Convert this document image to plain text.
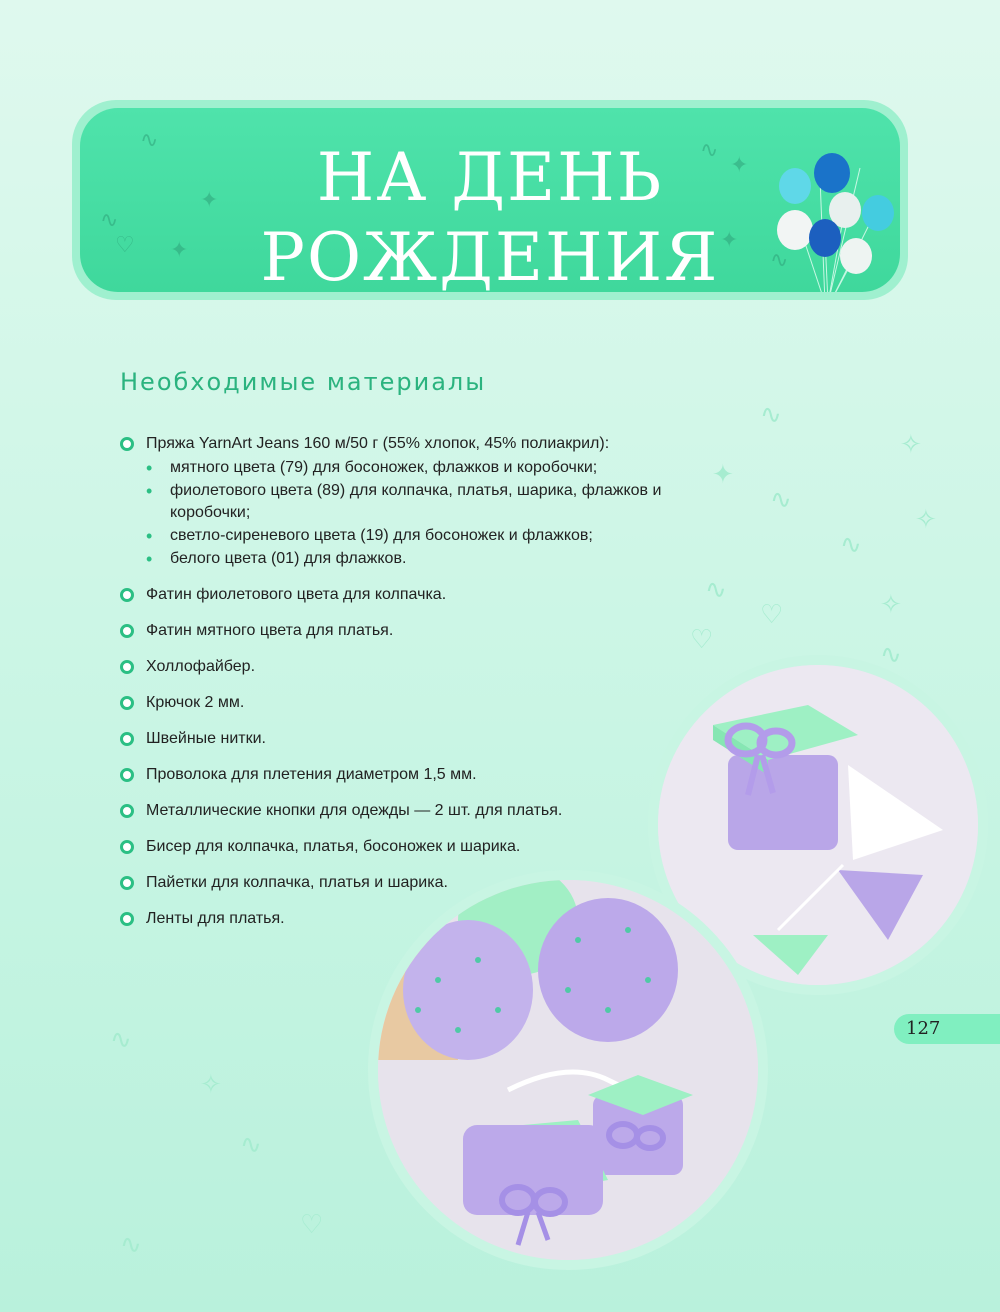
∿
✧
✦
∿
✧
∿
∿
♡	✧
♡	∿
∿
✧
∿
♡
∿
∿
✦
∿
♡ ✦
∿
✦
✦
∿
НА ДЕНЬ
РОЖДЕНИЯ
Необходимые материалы
Пряжа YarnArt Jeans 160 м/50 г (55% хлопок, 45% полиакрил):
• мятного цвета (79) для босоножек, флажков и коробочки;
• фиолетового цвета (89) для колпачка, платья, шарика, флажков и коробочки;
• светло-сиреневого цвета (19) для босоножек и флажков;
• белого цвета (01) для флажков.
Фатин фиолетового цвета для колпачка.
Фатин мятного цвета для платья.
Холлофайбер.
Крючок 2 мм.
Швейные нитки.
Проволока для плетения диаметром 1,5 мм.
Металлические кнопки для одежды — 2 шт. для платья.
Бисер для колпачка, платья, босоножек и шарика.
Пайетки для колпачка, платья и шарика.
Ленты для платья.
127
